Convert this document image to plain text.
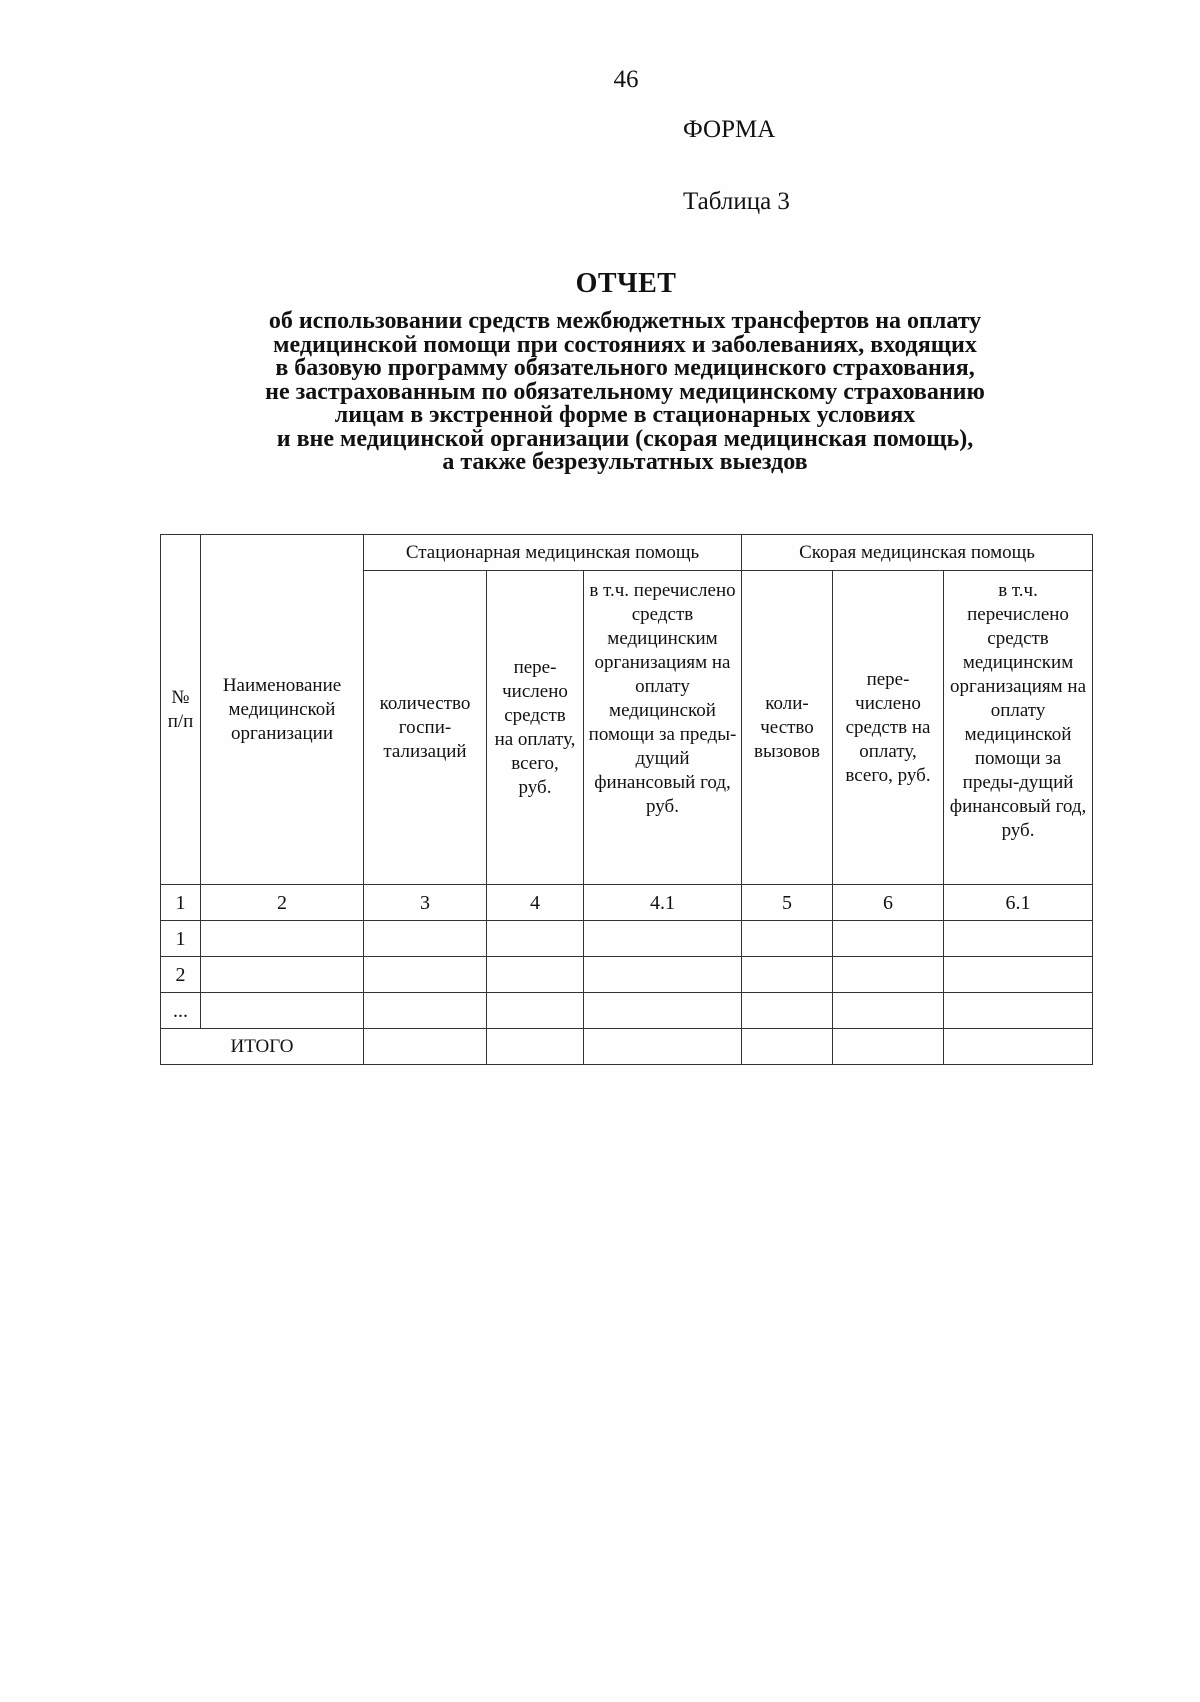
46
ФОРМА
Таблица 3
ОТЧЕТ
об использовании средств межбюджетных трансфертов на оплату
медицинской помощи при состояниях и заболеваниях, входящих
в базовую программу обязательного медицинского страхования,
не застрахованным по обязательному медицинскому страхованию
лицам в экстренной форме в стационарных условиях
и вне медицинской организации (скорая медицинская помощь),
а также безрезультатных выездов
№ п/п	Наименование медицинской организации	Стационарная медицинская помощь			Скорая медицинская помощь		
		количество госпи-тализаций	пере-числено средств на оплату, всего, руб.	в т.ч. перечислено средств медицинским организациям на оплату медицинской помощи за преды-дущий финансовый год, руб.	коли-чество вызовов	пере-числено средств на оплату, всего, руб.	в т.ч. перечислено средств медицинским организациям на оплату медицинской помощи за преды-дущий финансовый год, руб.
1	2	3	4	4.1	5	6	6.1
1							
2							
...							
ИТОГО							
